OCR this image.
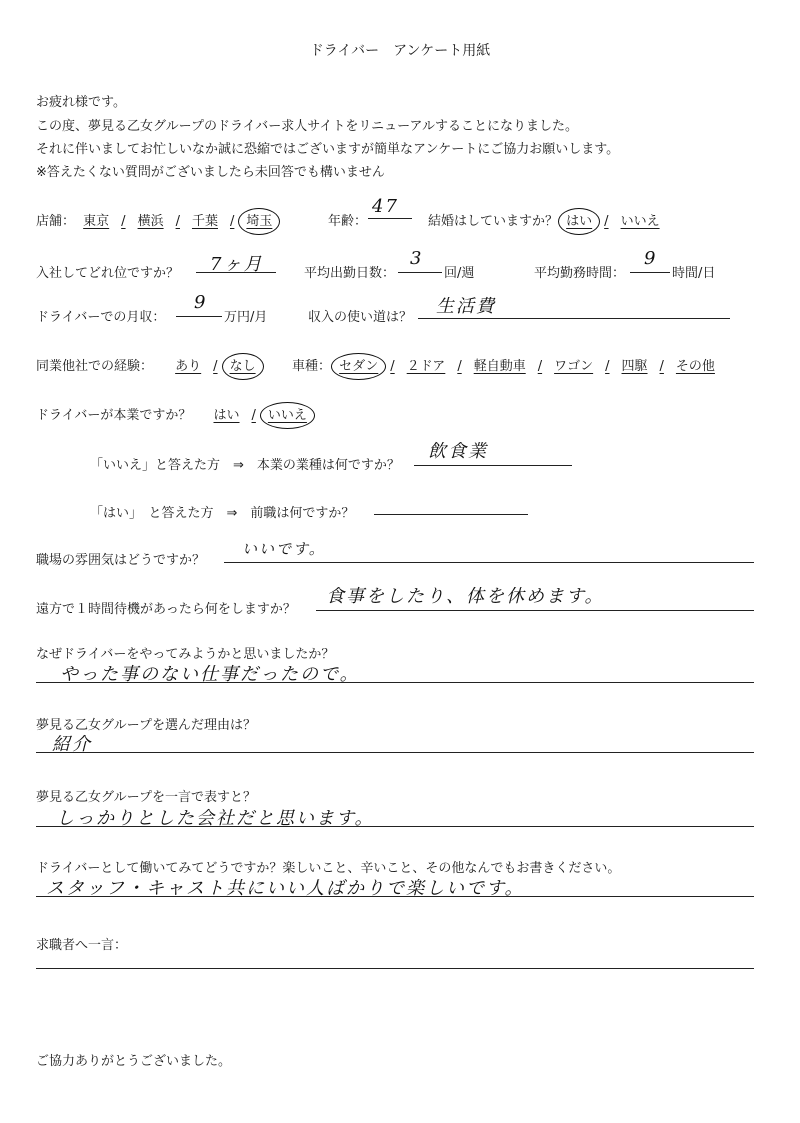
ドライバー　アンケート用紙
お疲れ様です。
この度、夢見る乙女グループのドライバー求人サイトをリニューアルすることになりました。
それに伴いましてお忙しいなか誠に恐縮ではございますが簡単なアンケートにご協力お願いします。
※答えたくない質問がございましたら未回答でも構いません
店舗： 東京 / 横浜 / 千葉 / 埼玉	年齢：
47
結婚はしていますか？ はい / いいえ
入社してどれ位ですか？ 7ヶ月	平均出勤日数：
3
回/週	平均勤務時間：
9
時間/日
ドライバーでの月収：
9
万円/月	収入の使い道は？
生活費
同業他社での経験： あり / なし	車種： セダン / ２ドア / 軽自動車 / ワゴン / 四駆 / その他
ドライバーが本業ですか？ はい / いいえ
「いいえ」と答えた方　⇒　本業の業種は何ですか？
飲食業
「はい」　と答えた方　⇒　前職は何ですか？
職場の雰囲気はどうですか？
いいです。
遠方で１時間待機があったら何をしますか？
食事をしたり、体を休めます。
なぜドライバーをやってみようかと思いましたか？
やった事のない仕事だったので。
夢見る乙女グループを選んだ理由は？
紹介
夢見る乙女グループを一言で表すと？
しっかりとした会社だと思います。
ドライバーとして働いてみてどうですか？楽しいこと、辛いこと、その他なんでもお書きください。
スタッフ・キャスト共にいい人ばかりで楽しいです。
求職者へ一言：
ご協力ありがとうございました。
